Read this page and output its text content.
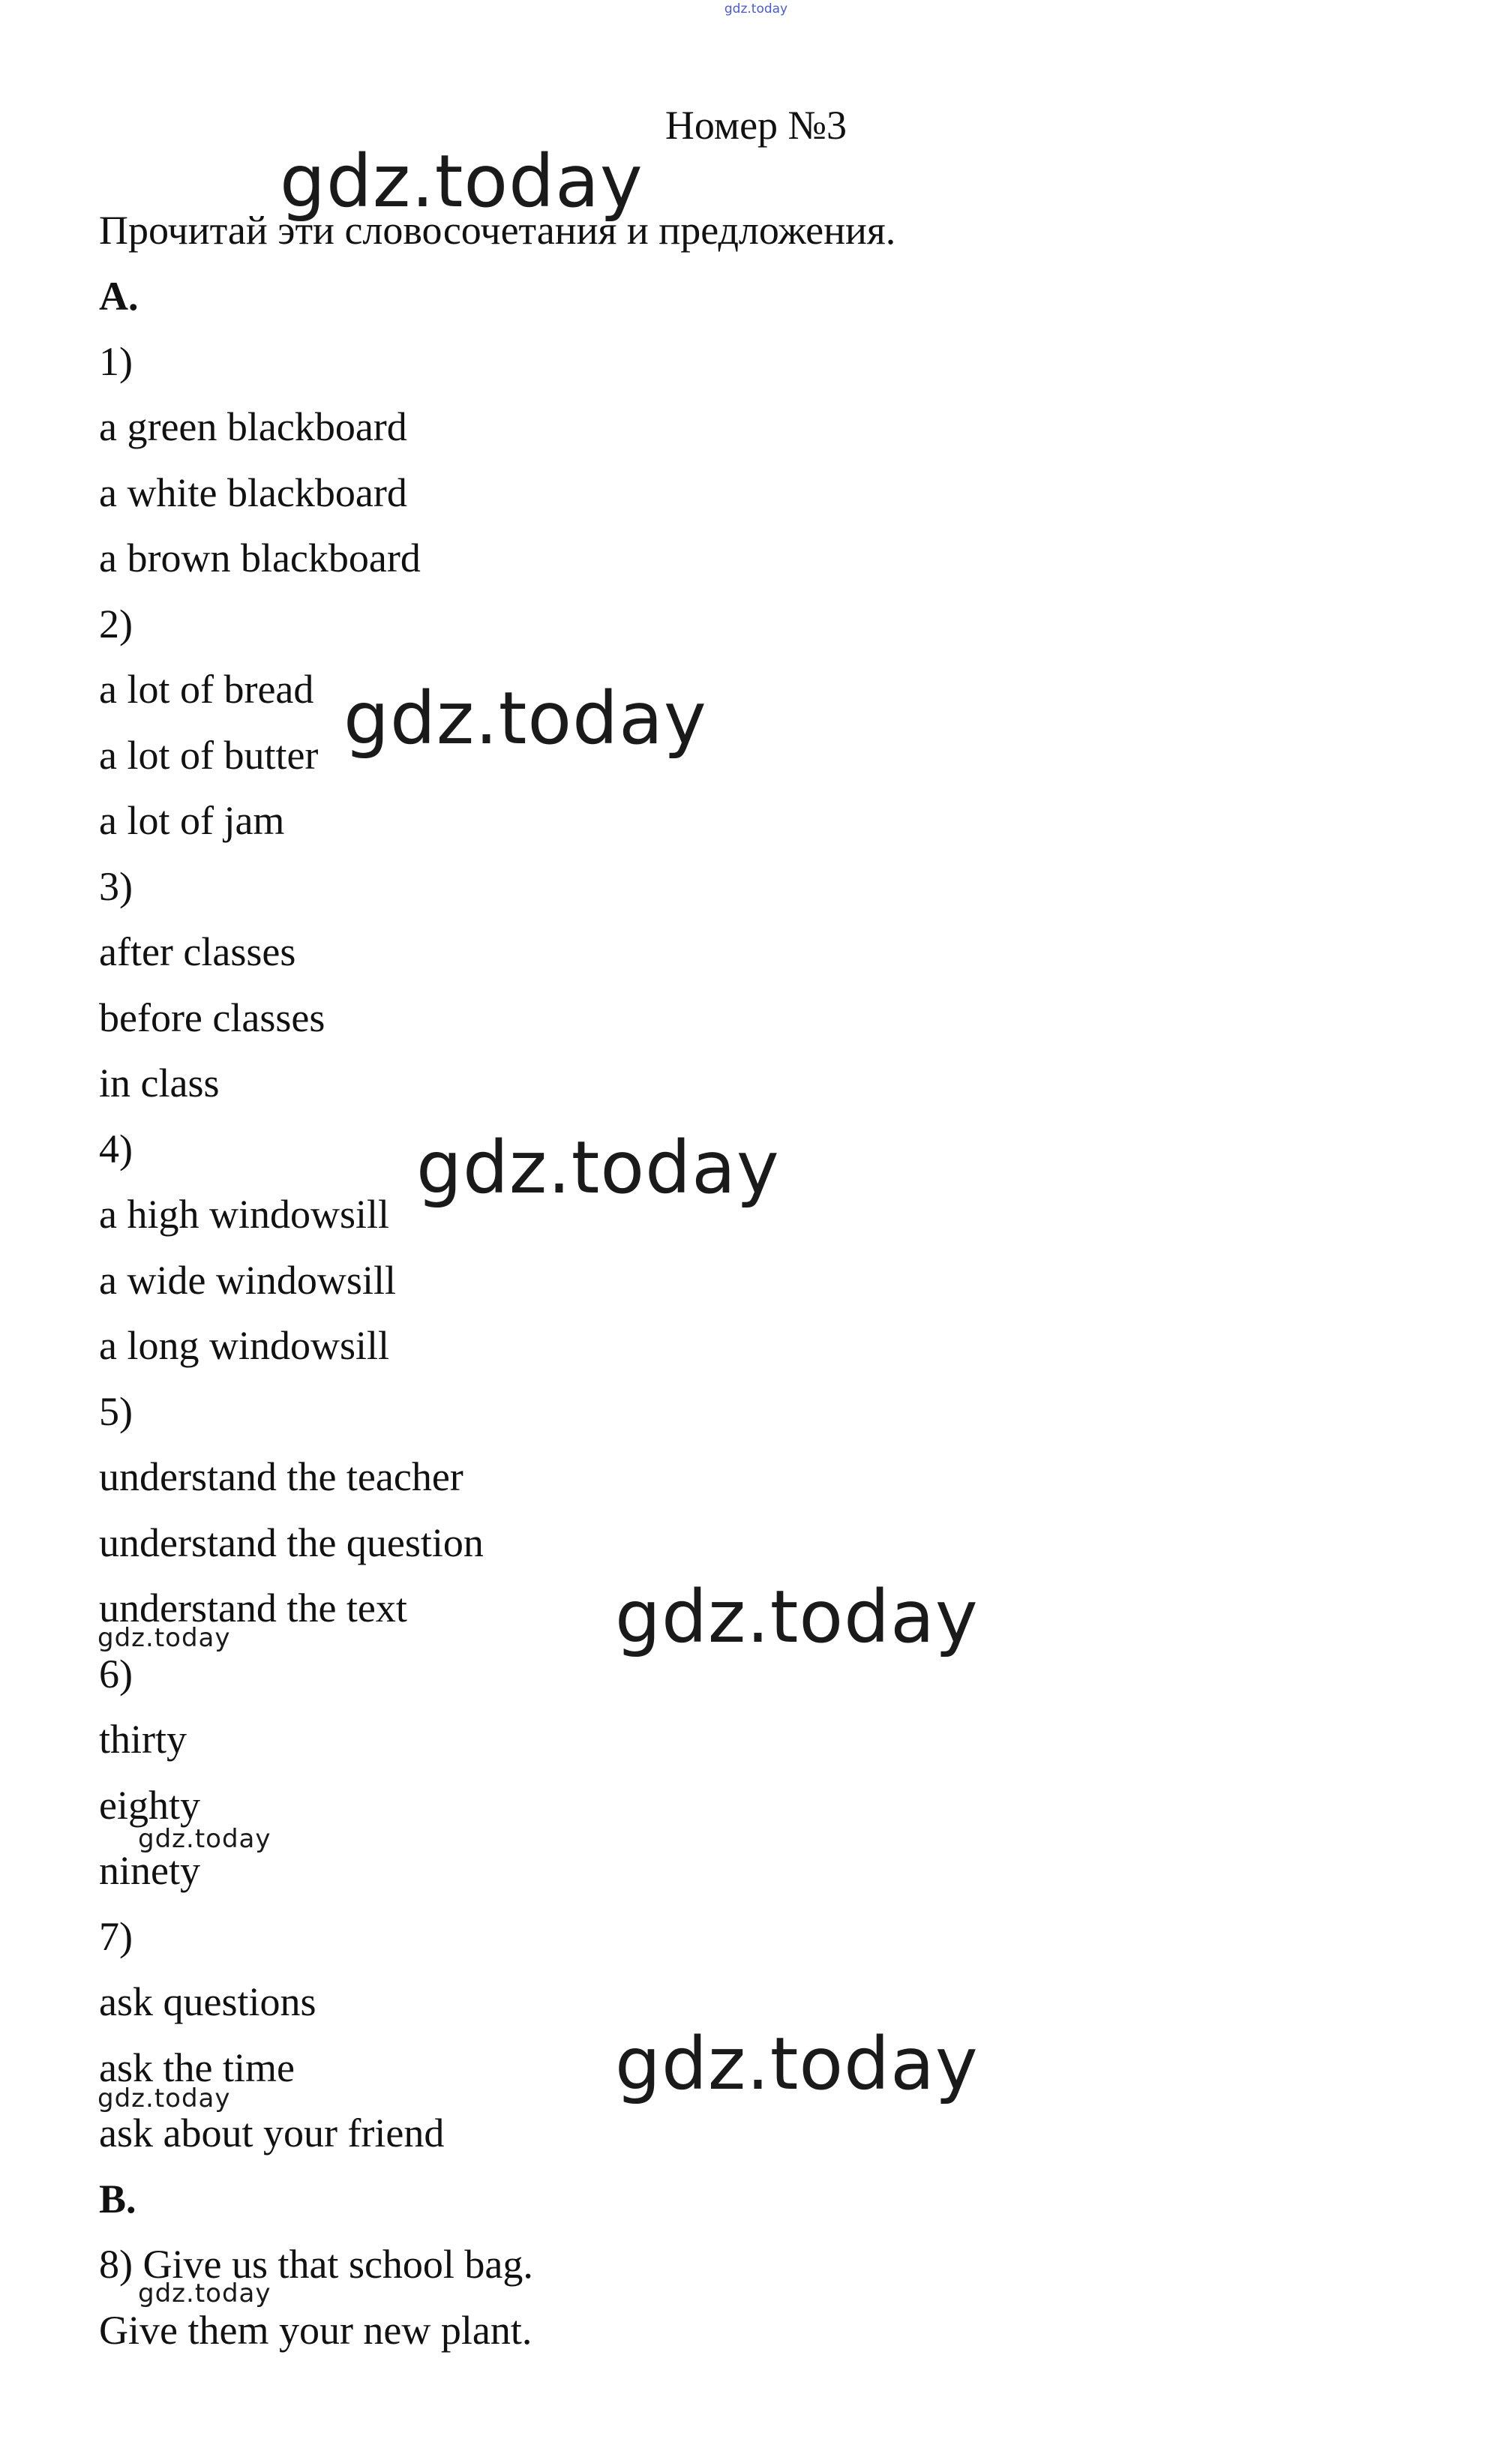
gdz.today
Номер №3
Прочитай эти словосочетания и предложения.
A.
1)
a green blackboard
a white blackboard
a brown blackboard
2)
a lot of bread
a lot of butter
a lot of jam
3)
after classes
before classes
in class
4)
a high windowsill
a wide windowsill
a long windowsill
5)
understand the teacher
understand the question
understand the text
6)
thirty
eighty
ninety
7)
ask questions
ask the time
ask about your friend
B.
8) Give us that school bag.
Give them your new plant.
gdz.today
gdz.today
gdz.today
gdz.today
gdz.today
gdz.today
gdz.today
gdz.today
gdz.today
